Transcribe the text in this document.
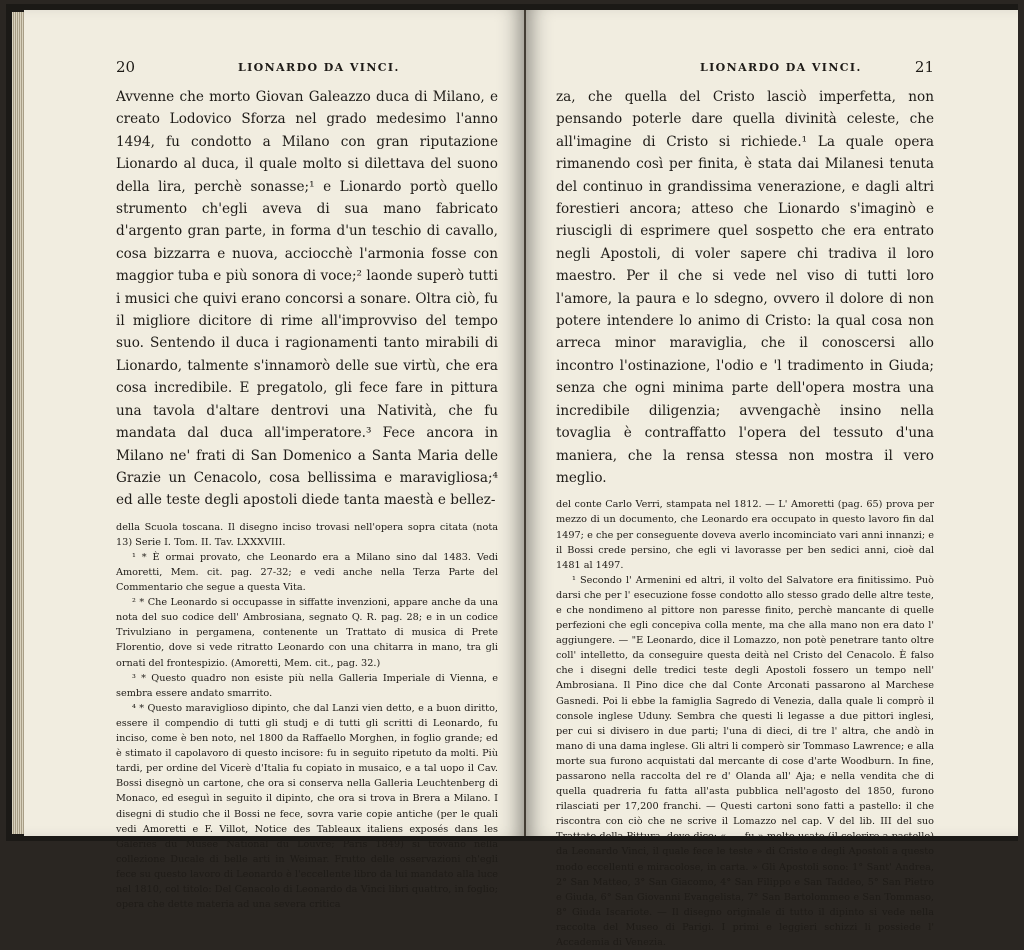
20	LIONARDO DA VINCI.

Avvenne che morto Giovan Galeazzo duca di Milano, e creato Lodovico Sforza nel grado medesimo l'anno 1494, fu condotto a Milano con gran riputazione Lionardo al duca, il quale molto si dilettava del suono della lira, perchè sonasse;¹ e Lionardo portò quello strumento ch'egli aveva di sua mano fabricato d'argento gran parte, in forma d'un teschio di cavallo, cosa bizzarra e nuova, acciocchè l'armonia fosse con maggior tuba e più sonora di voce;² laonde superò tutti i musici che quivi erano concorsi a sonare. Oltra ciò, fu il migliore dicitore di rime all'improvviso del tempo suo. Sentendo il duca i ragionamenti tanto mirabili di Lionardo, talmente s'innamorò delle sue virtù, che era cosa incredibile. E pregatolo, gli fece fare in pittura una tavola d'altare dentrovi una Natività, che fu mandata dal duca all'imperatore.³ Fece ancora in Milano ne' frati di San Domenico a Santa Maria delle Grazie un Cenacolo, cosa bellissima e maravigliosa;⁴ ed alle teste degli apostoli diede tanta maestà e bellez-

della Scuola toscana. Il disegno inciso trovasi nell'opera sopra citata (nota 13) Serie I. Tom. II. Tav. LXXXVIII.

¹ * È ormai provato, che Leonardo era a Milano sino dal 1483. Vedi Amoretti, Mem. cit. pag. 27-32; e vedi anche nella Terza Parte del Commentario che segue a questa Vita.

² * Che Leonardo si occupasse in siffatte invenzioni, appare anche da una nota del suo codice dell' Ambrosiana, segnato Q. R. pag. 28; e in un codice Trivulziano in pergamena, contenente un Trattato di musica di Prete Florentio, dove si vede ritratto Leonardo con una chitarra in mano, tra gli ornati del frontespizio. (Amoretti, Mem. cit., pag. 32.)

³ * Questo quadro non esiste più nella Galleria Imperiale di Vienna, e sembra essere andato smarrito.

⁴ * Questo maraviglioso dipinto, che dal Lanzi vien detto, e a buon diritto, essere il compendio di tutti gli studj e di tutti gli scritti di Leonardo, fu inciso, come è ben noto, nel 1800 da Raffaello Morghen, in foglio grande; ed è stimato il capolavoro di questo incisore: fu in seguito ripetuto da molti. Più tardi, per ordine del Vicerè d'Italia fu copiato in musaico, e a tal uopo il Cav. Bossi disegnò un cartone, che ora si conserva nella Galleria Leuchtenberg di Monaco, ed eseguì in seguito il dipinto, che ora si trova in Brera a Milano. I disegni di studio che il Bossi ne fece, sovra varie copie antiche (per le quali vedi Amoretti e F. Villot, Notice des Tableaux italiens exposés dans les Galeries du Musée National du Louvre; Paris 1849) si trovano nella collezione Ducale di belle arti in Weimar. Frutto delle osservazioni ch'egli fece su questo lavoro di Leonardo è l'eccellente libro da lui mandato alla luce nel 1810, col titolo: Del Cenacolo di Leonardo da Vinci libri quattro, in foglio; opera che dette materia ad una severa critica

LIONARDO DA VINCI.	21

za, che quella del Cristo lasciò imperfetta, non pensando poterle dare quella divinità celeste, che all'imagine di Cristo si richiede.¹ La quale opera rimanendo così per finita, è stata dai Milanesi tenuta del continuo in grandissima venerazione, e dagli altri forestieri ancora; atteso che Lionardo s'imaginò e riuscigli di esprimere quel sospetto che era entrato negli Apostoli, di voler sapere chi tradiva il loro maestro. Per il che si vede nel viso di tutti loro l'amore, la paura e lo sdegno, ovvero il dolore di non potere intendere lo animo di Cristo: la qual cosa non arreca minor maraviglia, che il conoscersi allo incontro l'ostinazione, l'odio e 'l tradimento in Giuda; senza che ogni minima parte dell'opera mostra una incredibile diligenzia; avvengachè insino nella tovaglia è contraffatto l'opera del tessuto d'una maniera, che la rensa stessa non mostra il vero meglio.

del conte Carlo Verri, stampata nel 1812. — L' Amoretti (pag. 65) prova per mezzo di un documento, che Leonardo era occupato in questo lavoro fin dal 1497; e che per conseguente doveva averlo incominciato vari anni innanzi; e il Bossi crede persino, che egli vi lavorasse per ben sedici anni, cioè dal 1481 al 1497.

¹ Secondo l' Armenini ed altri, il volto del Salvatore era finitissimo. Può darsi che per l' esecuzione fosse condotto allo stesso grado delle altre teste, e che nondimeno al pittore non paresse finito, perchè mancante di quelle perfezioni che egli concepiva colla mente, ma che alla mano non era dato l' aggiungere. — "E Leonardo, dice il Lomazzo, non potè penetrare tanto oltre coll' intelletto, da conseguire questa deità nel Cristo del Cenacolo. È falso che i disegni delle tredici teste degli Apostoli fossero un tempo nell' Ambrosiana. Il Pino dice che dal Conte Arconati passarono al Marchese Gasnedi. Poi li ebbe la famiglia Sagredo di Venezia, dalla quale li comprò il console inglese Uduny. Sembra che questi li legasse a due pittori inglesi, per cui si divisero in due parti; l'una di dieci, di tre l' altra, che andò in mano di una dama inglese. Gli altri li comperò sir Tommaso Lawrence; e alla morte sua furono acquistati dal mercante di cose d'arte Woodburn. In fine, passarono nella raccolta del re d' Olanda all' Aja; e nella vendita che di quella quadreria fu fatta all'asta pubblica nell'agosto del 1850, furono rilasciati per 17,200 franchi. — Questi cartoni sono fatti a pastello: il che riscontra con ciò che ne scrive il Lomazzo nel cap. V del lib. III del suo Trattato della Pittura, dove dice: «......fu » molto usato (il colorire a pastello) da Leonardo Vinci, il quale fece le teste » di Cristo e degli Apostoli a questo modo eccellenti e miracolose, in carta. » Gli Apostoli sono: 1° Sant' Andrea, 2° San Matteo, 3° San Giacomo, 4° San Filippo e San Taddeo, 5° San Pietro e Giuda, 6° San Giovanni Evangelista, 7° San Bartolommeo e San Tommaso, 8° Giuda Iscariote. — Il disegno originale di tutto il dipinto si vede nella raccolta del Museo di Parigi. I primi e leggieri schizzi li possiede l' Accademia di Venezia.
